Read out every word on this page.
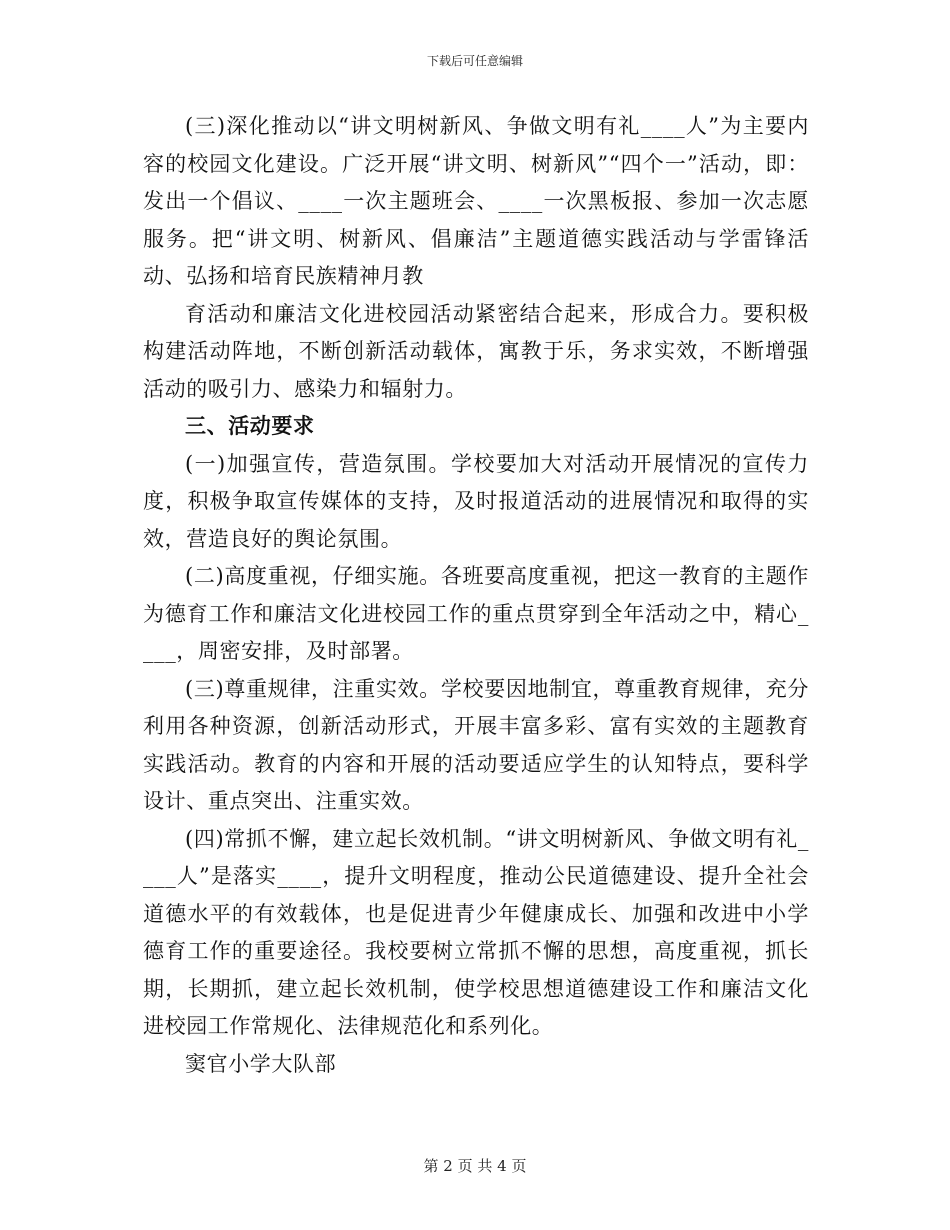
下载后可任意编辑

(三)深化推动以“讲文明树新风、争做文明有礼____人”为主要内容的校园文化建设。广泛开展“讲文明、树新风”“四个一”活动，即：发出一个倡议、____一次主题班会、____一次黑板报、参加一次志愿服务。把“讲文明、树新风、倡廉洁”主题道德实践活动与学雷锋活动、弘扬和培育民族精神月教

育活动和廉洁文化进校园活动紧密结合起来，形成合力。要积极构建活动阵地，不断创新活动载体，寓教于乐，务求实效，不断增强活动的吸引力、感染力和辐射力。

三、活动要求

(一)加强宣传，营造氛围。学校要加大对活动开展情况的宣传力度，积极争取宣传媒体的支持，及时报道活动的进展情况和取得的实效，营造良好的舆论氛围。

(二)高度重视，仔细实施。各班要高度重视，把这一教育的主题作为德育工作和廉洁文化进校园工作的重点贯穿到全年活动之中，精心____，周密安排，及时部署。

(三)尊重规律，注重实效。学校要因地制宜，尊重教育规律，充分利用各种资源，创新活动形式，开展丰富多彩、富有实效的主题教育实践活动。教育的内容和开展的活动要适应学生的认知特点，要科学设计、重点突出、注重实效。

(四)常抓不懈，建立起长效机制。“讲文明树新风、争做文明有礼____人”是落实____，提升文明程度，推动公民道德建设、提升全社会道德水平的有效载体，也是促进青少年健康成长、加强和改进中小学德育工作的重要途径。我校要树立常抓不懈的思想，高度重视，抓长期，长期抓，建立起长效机制，使学校思想道德建设工作和廉洁文化进校园工作常规化、法律规范化和系列化。

窦官小学大队部

第 2 页 共 4 页
